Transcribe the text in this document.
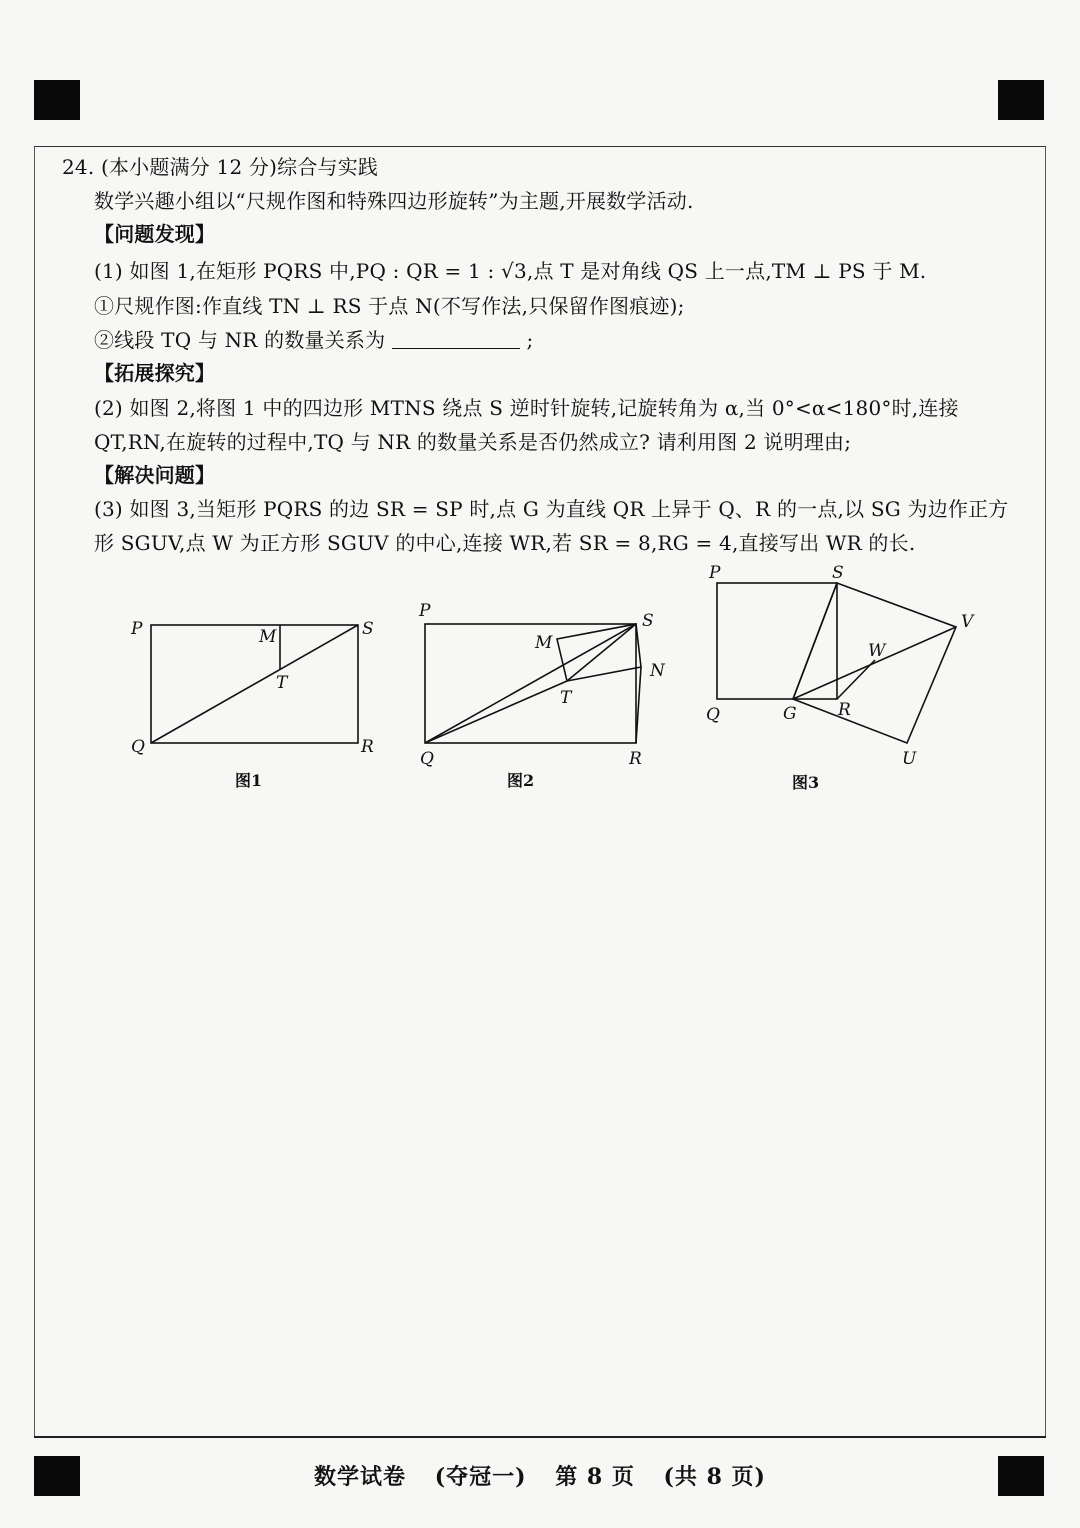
24. (本小题满分 12 分)综合与实践
数学兴趣小组以“尺规作图和特殊四边形旋转”为主题,开展数学活动.
【问题发现】
(1) 如图 1,在矩形 PQRS 中,PQ : QR = 1 : √3,点 T 是对角线 QS 上一点,TM ⊥ PS 于 M.
①尺规作图:作直线 TN ⊥ RS 于点 N(不写作法,只保留作图痕迹);
②线段 TQ 与 NR 的数量关系为	;
【拓展探究】
(2) 如图 2,将图 1 中的四边形 MTNS 绕点 S 逆时针旋转,记旋转角为 α,当 0°<α<180°时,连接
QT,RN,在旋转的过程中,TQ 与 NR 的数量关系是否仍然成立? 请利用图 2 说明理由;
【解决问题】
(3) 如图 3,当矩形 PQRS 的边 SR = SP 时,点 G 为直线 QR 上异于 Q、R 的一点,以 SG 为边作正方
形 SGUV,点 W 为正方形 SGUV 的中心,连接 WR,若 SR = 8,RG = 4,直接写出 WR 的长.
P	S
Q	R
M
T
图1
P	S
M
N
T
Q	R
图2
P	S
V
W
Q	G R
U
图3
数学试卷 (夺冠一) 第 8 页 (共 8 页)
